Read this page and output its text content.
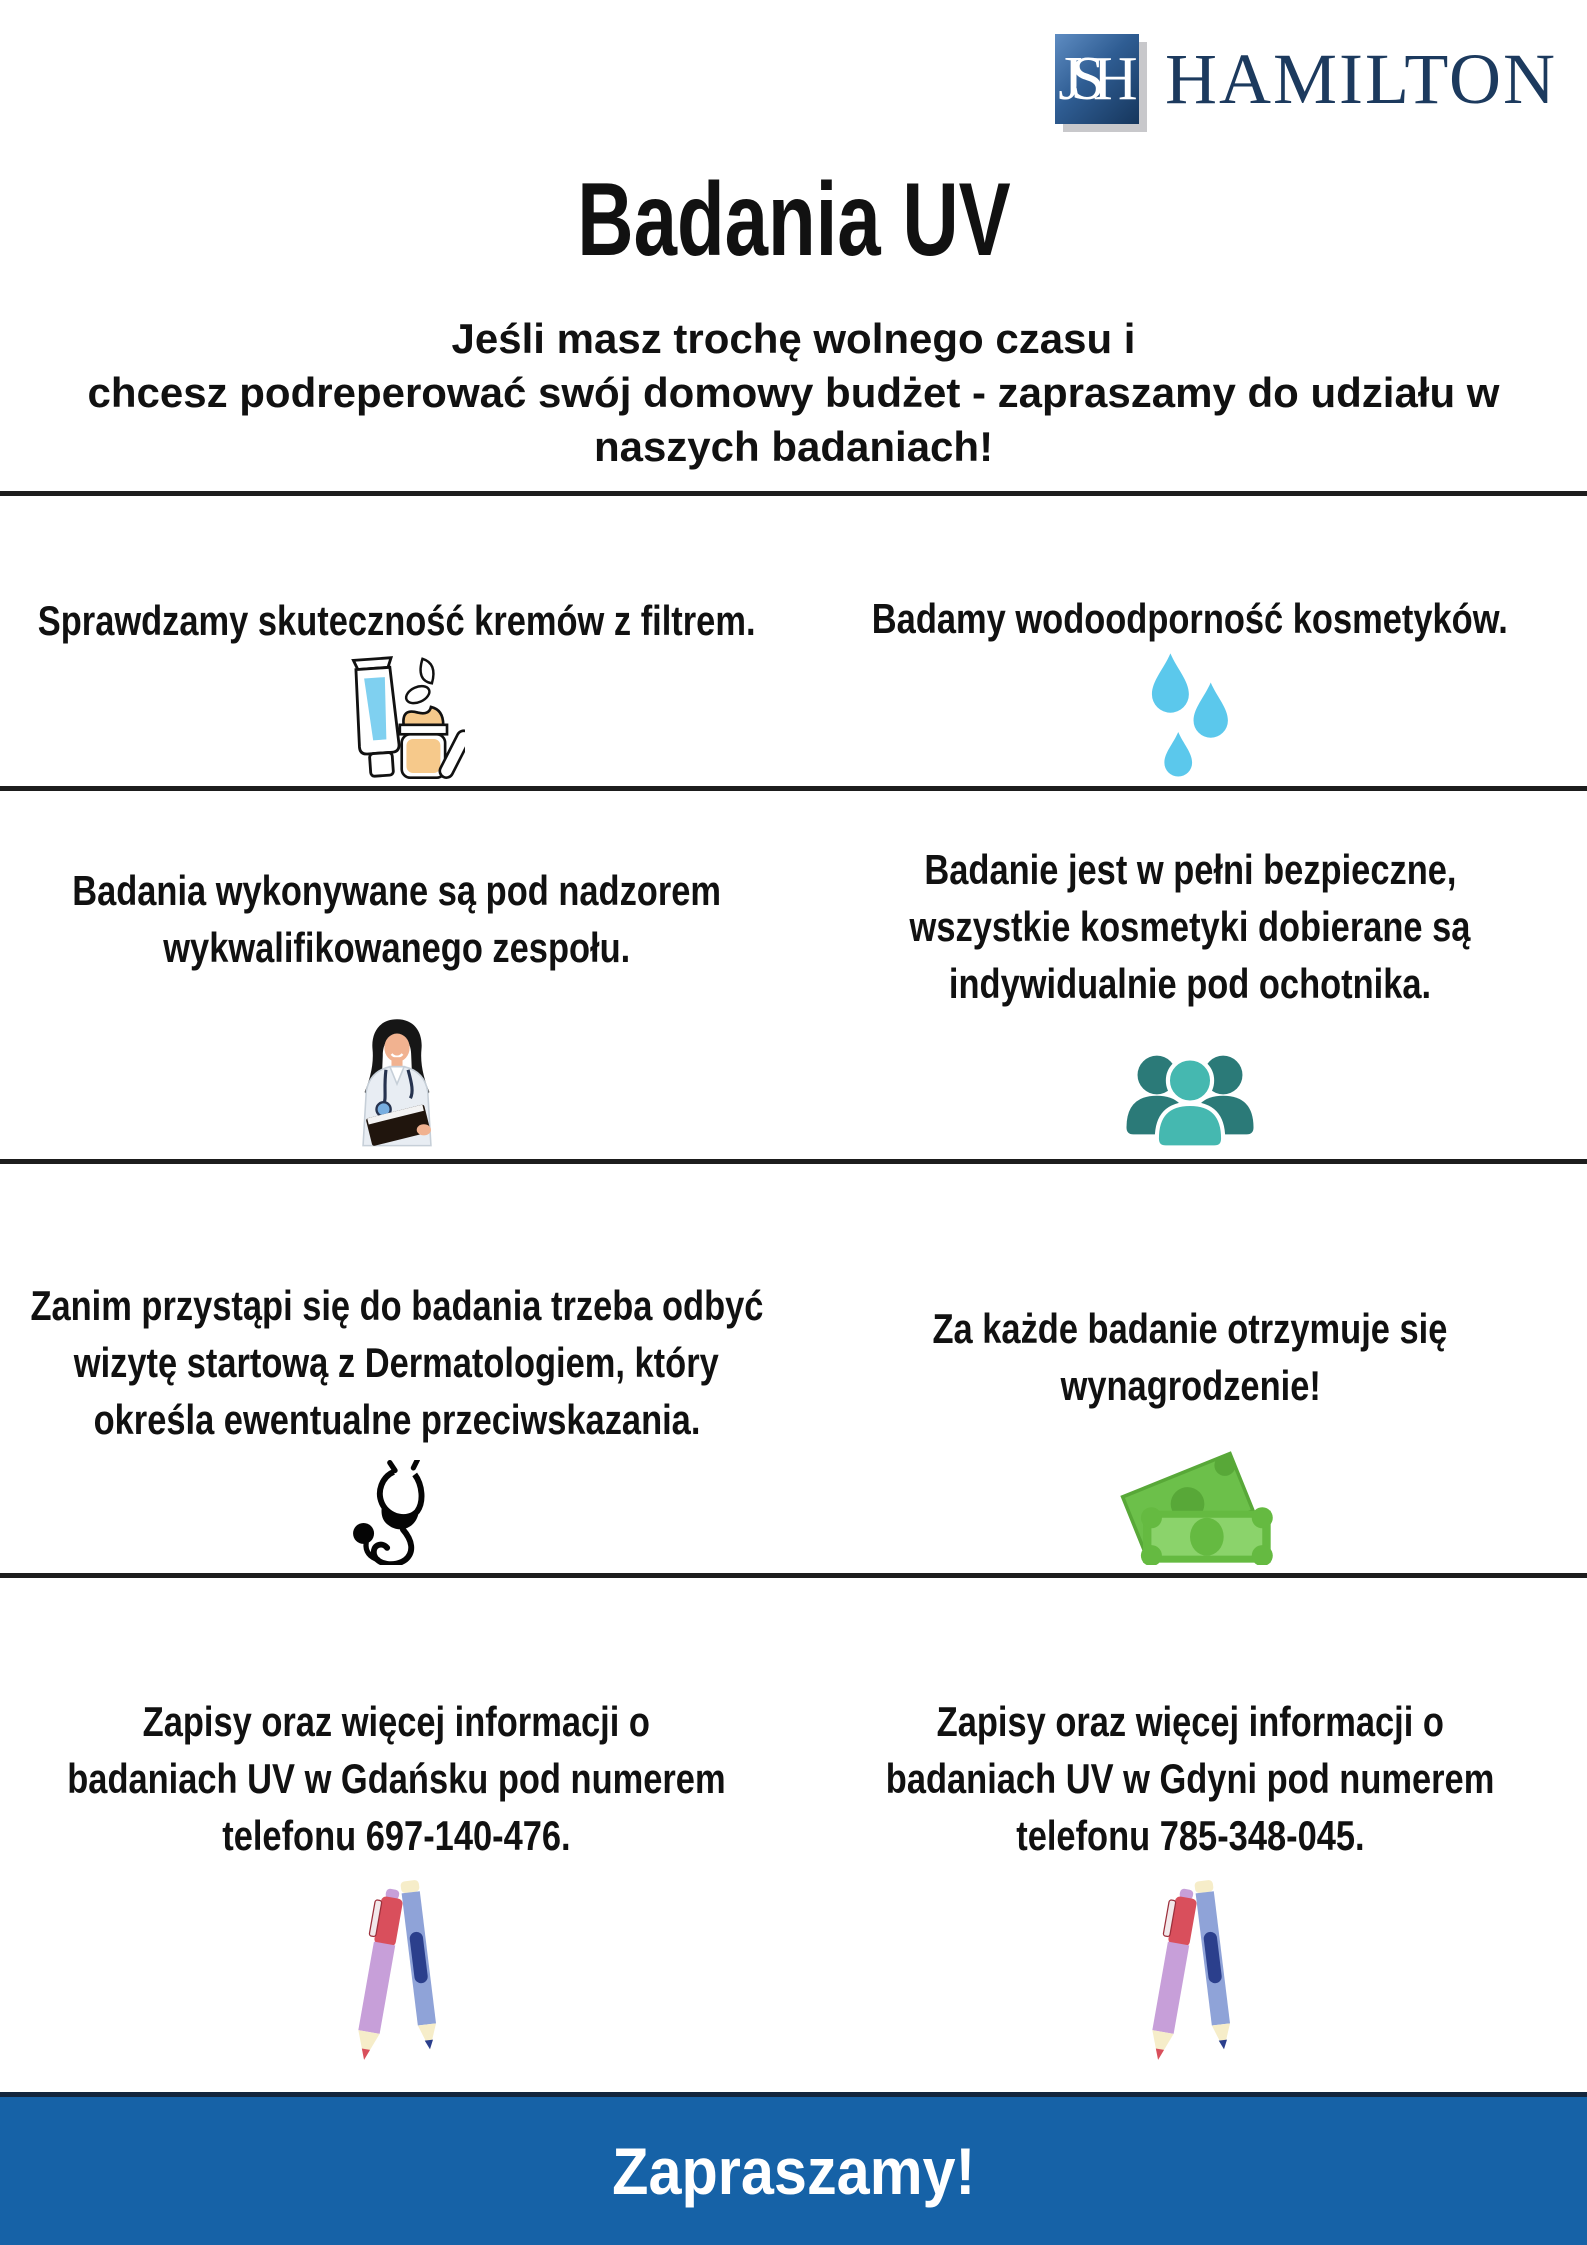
JSH HAMILTON
Badania UV
Jeśli masz trochę wolnego czasu i
chcesz podreperować swój domowy budżet - zapraszamy do udziału w
naszych badaniach!
Sprawdzamy skuteczność kremów z filtrem.	Badamy wodoodporność kosmetyków.
Badania wykonywane są pod nadzorem
wykwalifikowanego zespołu.
Badanie jest w pełni bezpieczne,
wszystkie kosmetyki dobierane są
indywidualnie pod ochotnika.
Zanim przystąpi się do badania trzeba odbyć
wizytę startową z Dermatologiem, który
określa ewentualne przeciwskazania.
Za każde badanie otrzymuje się
wynagrodzenie!
Zapisy oraz więcej informacji o
badaniach UV w Gdańsku pod numerem
telefonu 697-140-476.
Zapisy oraz więcej informacji o
badaniach UV w Gdyni pod numerem
telefonu 785-348-045.
Zapraszamy!
